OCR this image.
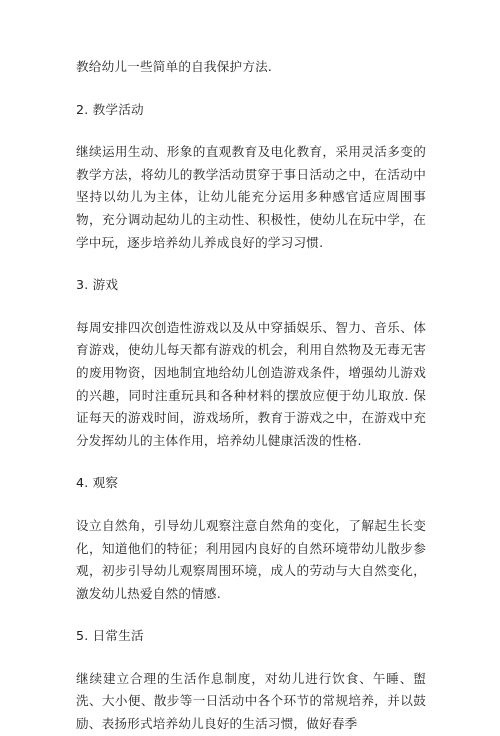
教给幼儿一些简单的自我保护方法.

2. 教学活动

继续运用生动、形象的直观教育及电化教育，采用灵活多变的教学方法，将幼儿的教学活动贯穿于事日活动之中，在活动中坚持以幼儿为主体，让幼儿能充分运用多种感官适应周围事物，充分调动起幼儿的主动性、积极性，使幼儿在玩中学，在学中玩，逐步培养幼儿养成良好的学习习惯.

3. 游戏

每周安排四次创造性游戏以及从中穿插娱乐、智力、音乐、体育游戏，使幼儿每天都有游戏的机会，利用自然物及无毒无害的废用物资，因地制宜地给幼儿创造游戏条件，增强幼儿游戏的兴趣，同时注重玩具和各种材料的摆放应便于幼儿取放. 保证每天的游戏时间，游戏场所，教育于游戏之中，在游戏中充分发挥幼儿的主体作用，培养幼儿健康活泼的性格.

4. 观察

设立自然角，引导幼儿观察注意自然角的变化，了解起生长变化，知道他们的特征；利用园内良好的自然环境带幼儿散步参观，初步引导幼儿观察周围环境，成人的劳动与大自然变化，激发幼儿热爱自然的情感.

5. 日常生活

继续建立合理的生活作息制度，对幼儿进行饮食、午睡、盥洗、大小便、散步等一日活动中各个环节的常规培养，并以鼓励、表扬形式培养幼儿良好的生活习惯，做好春季
